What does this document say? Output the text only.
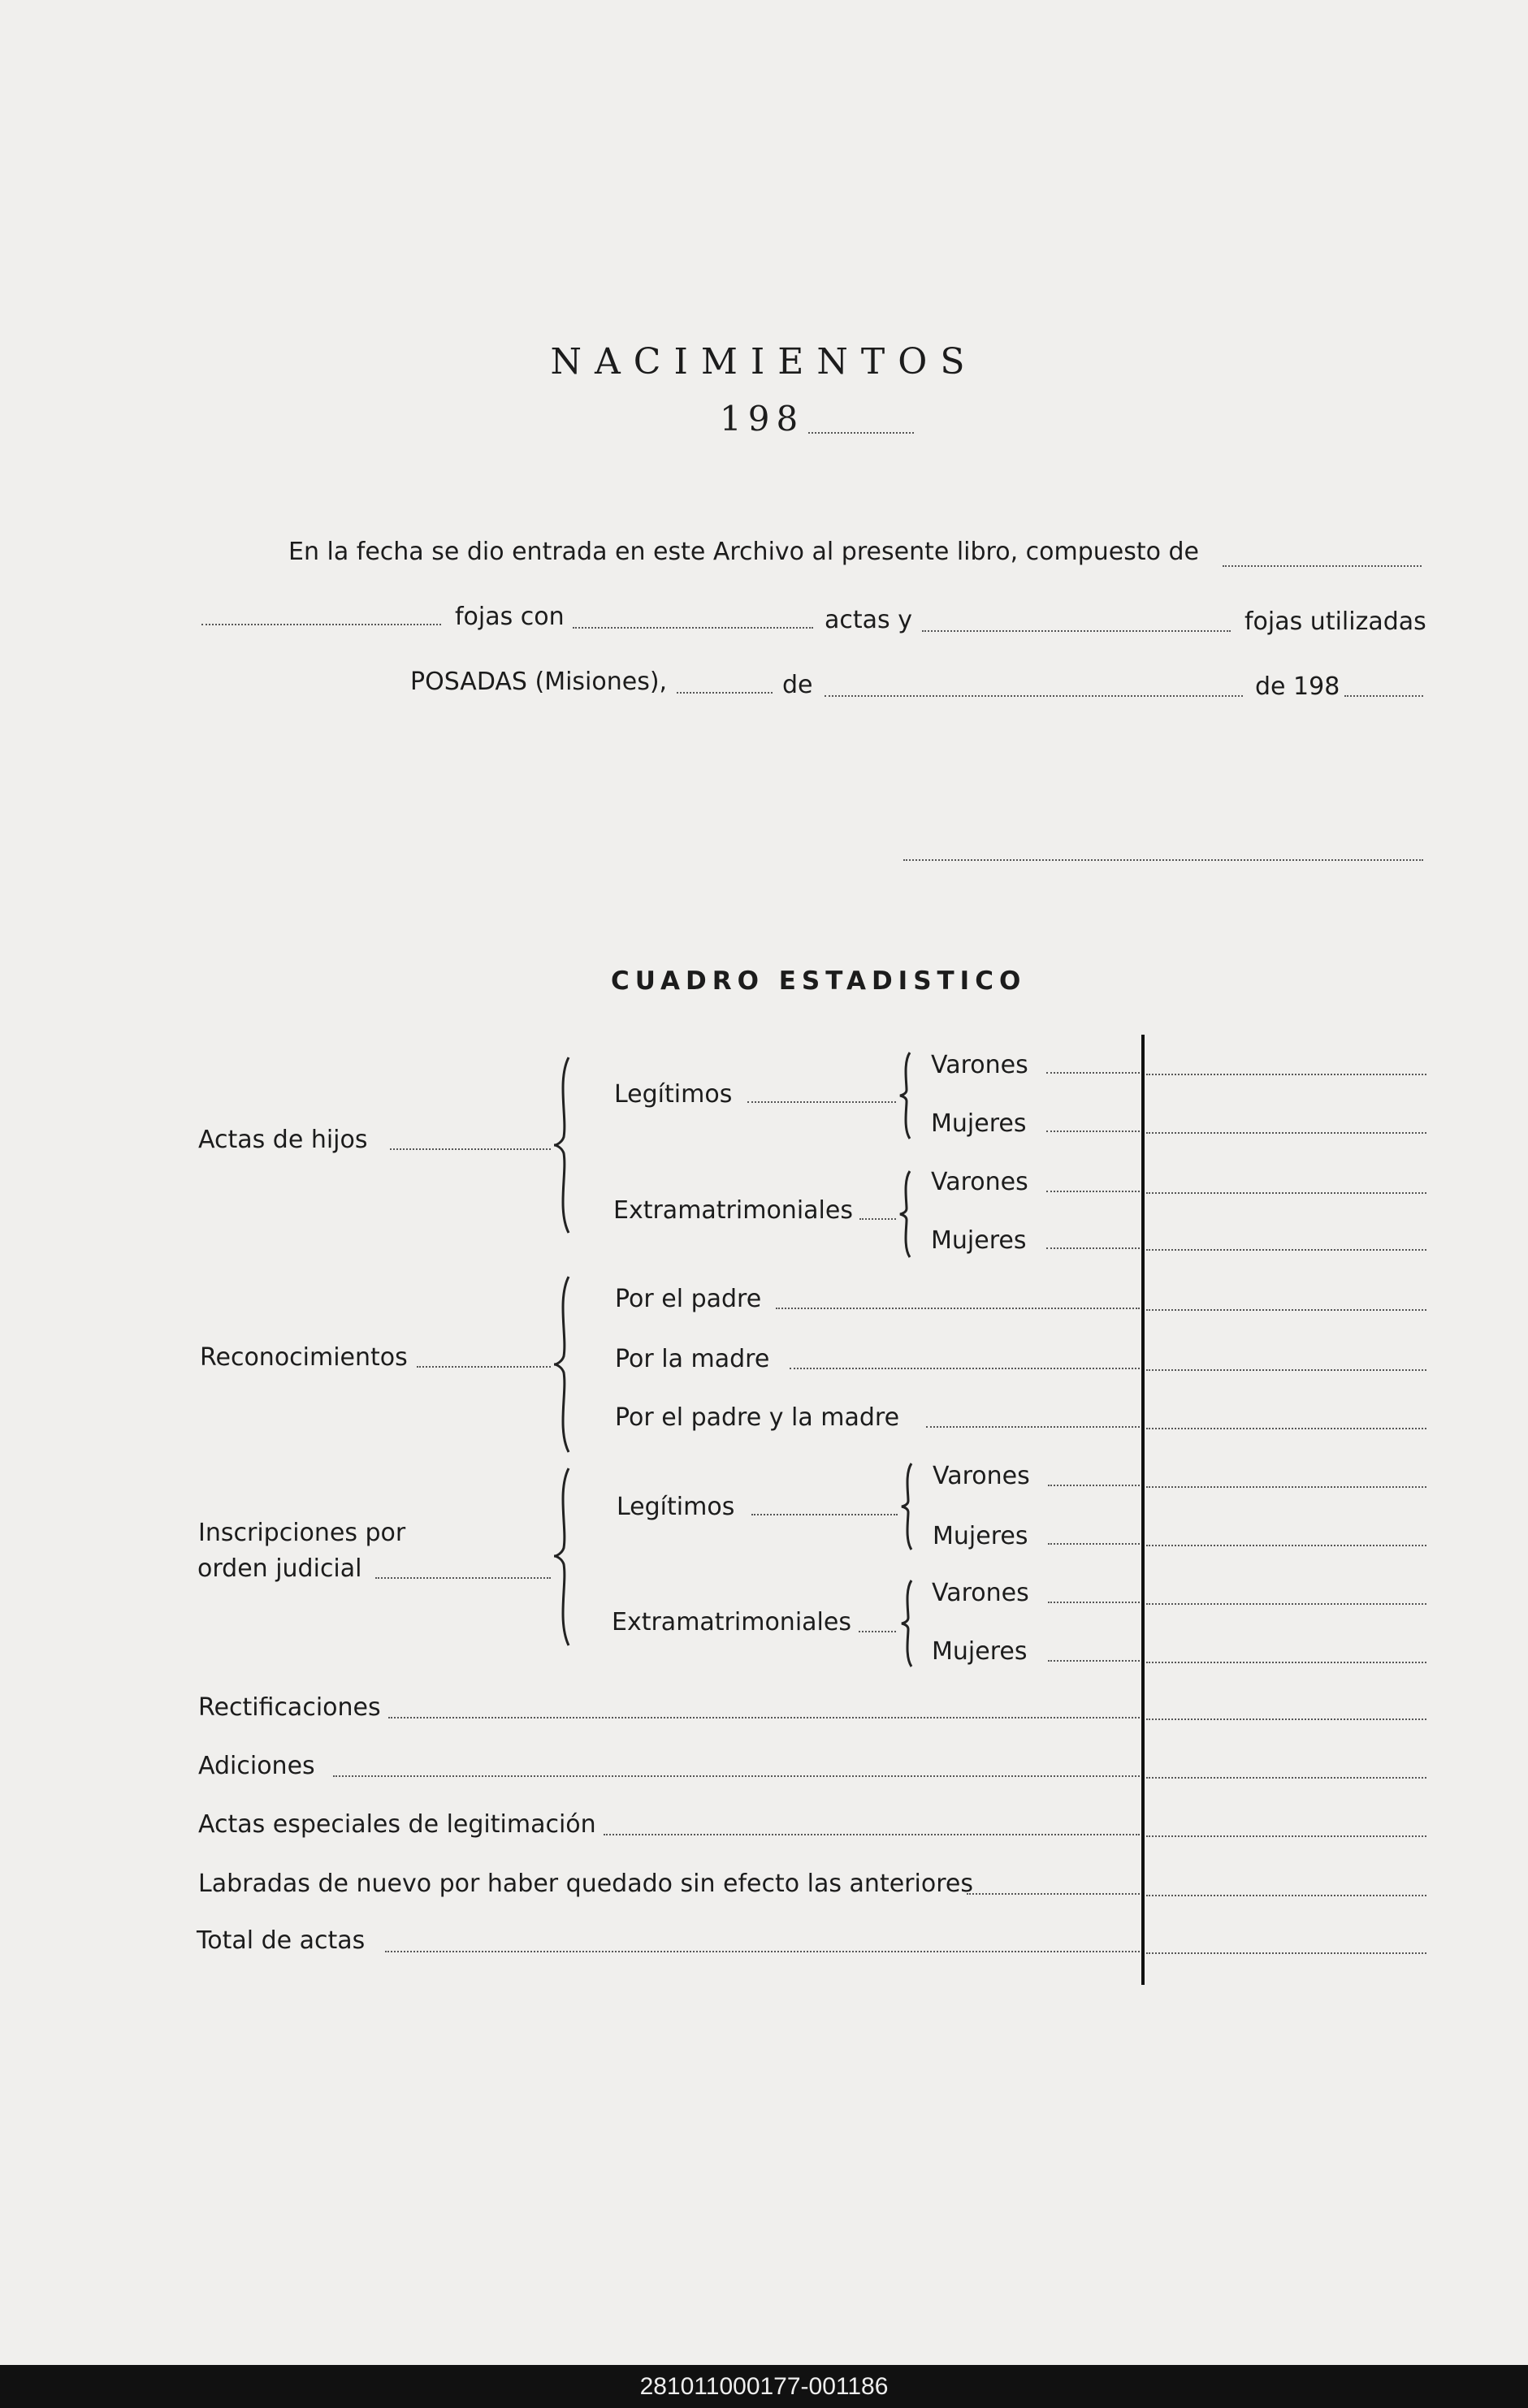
NACIMIENTOS
198
En la fecha se dio entrada en este Archivo al presente libro, compuesto de
fojas con	actas y	fojas utilizadas
POSADAS (Misiones),	de	de 198
CUADRO ESTADISTICO
Actas de hijos
Legítimos
Varones
Mujeres
Extramatrimoniales
Varones
Mujeres
Reconocimientos
Por el padre
Por la madre
Por el padre y la madre
Inscripciones por
orden judicial
Legítimos
Varones
Mujeres
Extramatrimoniales
Varones
Mujeres
Rectificaciones
Adiciones
Actas especiales de legitimación
Labradas de nuevo por haber quedado sin efecto las anteriores
Total de actas
281011000177-001186
